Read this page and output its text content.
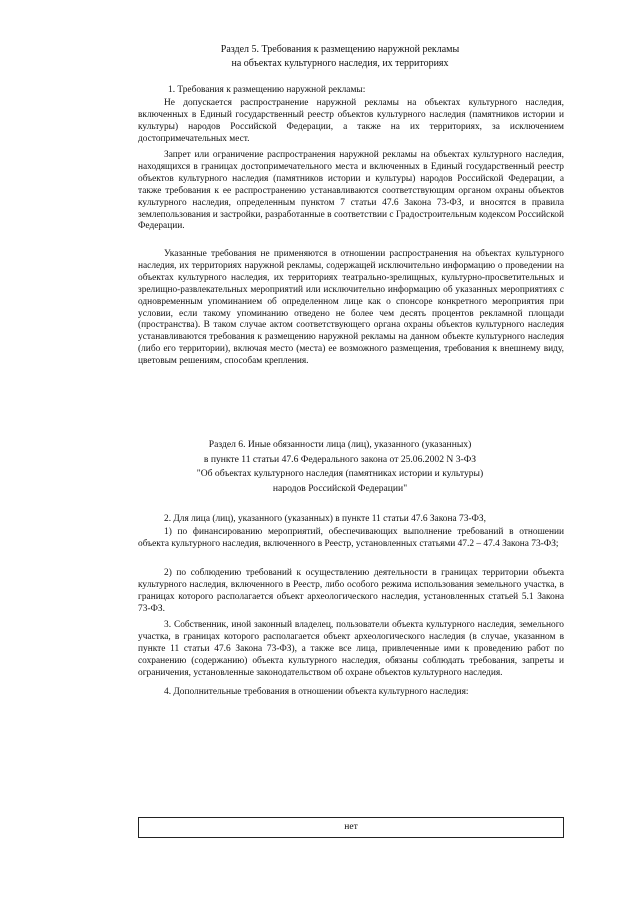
Раздел 5. Требования к размещению наружной рекламы
на объектах культурного наследия, их территориях
1. Требования к размещению наружной рекламы:
Не допускается распространение наружной рекламы на объектах культурного наследия, включенных в Единый государственный реестр объектов культурного наследия (памятников истории и культуры) народов Российской Федерации, а также на их территориях, за исключением достопримечательных мест.
Запрет или ограничение распространения наружной рекламы на объектах культурного наследия, находящихся в границах достопримечательного места и включенных в Единый государственный реестр объектов культурного наследия (памятников истории и культуры) народов Российской Федерации, а также требования к ее распространению устанавливаются соответствующим органом охраны объектов культурного наследия, определенным пунктом 7 статьи 47.6 Закона 73-ФЗ, и вносятся в правила землепользования и застройки, разработанные в соответствии с Градостроительным кодексом Российской Федерации.
Указанные требования не применяются в отношении распространения на объектах культурного наследия, их территориях наружной рекламы, содержащей исключительно информацию о проведении на объектах культурного наследия, их территориях театрально-зрелищных, культурно-просветительных и зрелищно-развлекательных мероприятий или исключительно информацию об указанных мероприятиях с одновременным упоминанием об определенном лице как о спонсоре конкретного мероприятия при условии, если такому упоминанию отведено не более чем десять процентов рекламной площади (пространства). В таком случае актом соответствующего органа охраны объектов культурного наследия устанавливаются требования к размещению наружной рекламы на данном объекте культурного наследия (либо его территории), включая место (места) ее возможного размещения, требования к внешнему виду, цветовым решениям, способам крепления.
Раздел 6. Иные обязанности лица (лиц), указанного (указанных)
в пункте 11 статьи 47.6 Федерального закона от 25.06.2002 N 3-ФЗ
"Об объектах культурного наследия (памятниках истории и культуры)
народов Российской Федерации"
2. Для лица (лиц), указанного (указанных) в пункте 11 статьи 47.6 Закона 73-ФЗ,
1) по финансированию мероприятий, обеспечивающих выполнение требований в отношении объекта культурного наследия, включенного в Реестр, установленных статьями 47.2 – 47.4 Закона 73-ФЗ;
2) по соблюдению требований к осуществлению деятельности в границах территории объекта культурного наследия, включенного в Реестр, либо особого режима использования земельного участка, в границах которого располагается объект археологического наследия, установленных статьей 5.1 Закона 73-ФЗ.
3. Собственник, иной законный владелец, пользователи объекта культурного наследия, земельного участка, в границах которого располагается объект археологического наследия (в случае, указанном в пункте 11 статьи 47.6 Закона 73-ФЗ), а также все лица, привлеченные ими к проведению работ по сохранению (содержанию) объекта культурного наследия, обязаны соблюдать требования, запреты и ограничения, установленные законодательством об охране объектов культурного наследия.
4. Дополнительные требования в отношении объекта культурного наследия:
нет
